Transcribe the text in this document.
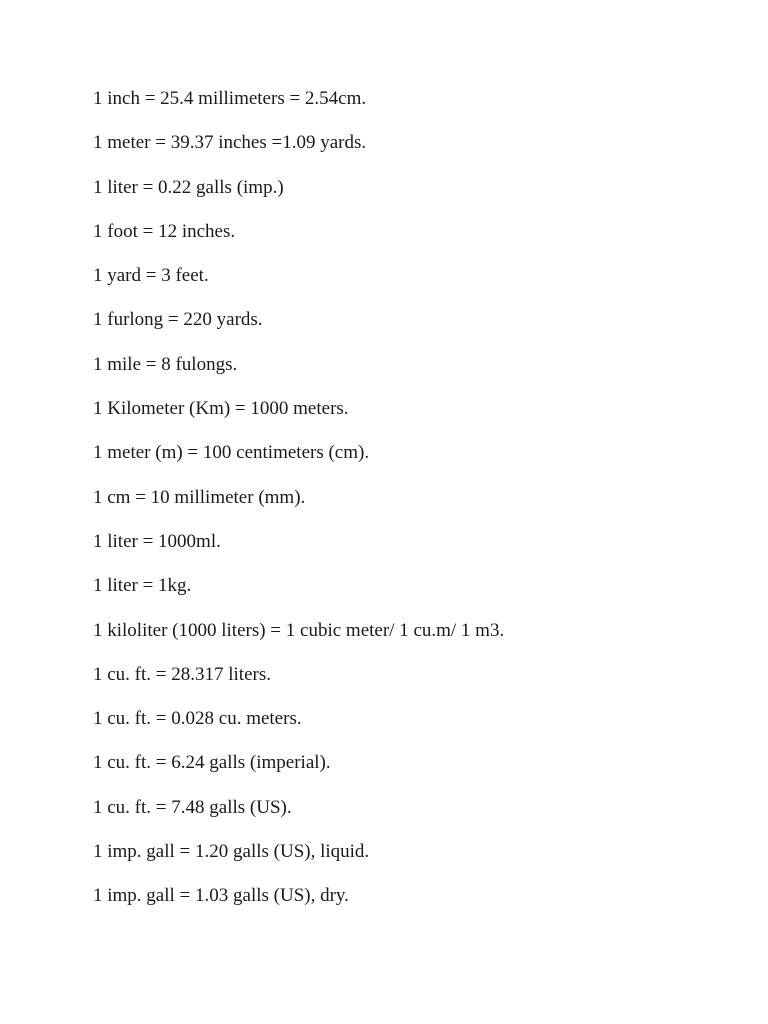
1 inch = 25.4 millimeters = 2.54cm.
1 meter = 39.37 inches =1.09 yards.
1 liter = 0.22 galls (imp.)
1 foot = 12 inches.
1 yard = 3 feet.
1 furlong = 220 yards.
1 mile = 8 fulongs.
1 Kilometer (Km) = 1000 meters.
1 meter (m) = 100 centimeters (cm).
1 cm = 10 millimeter (mm).
1 liter = 1000ml.
1 liter = 1kg.
1 kiloliter (1000 liters) = 1 cubic meter/ 1 cu.m/ 1 m3.
1 cu. ft. = 28.317 liters.
1 cu. ft. = 0.028 cu. meters.
1 cu. ft. = 6.24 galls (imperial).
1 cu. ft. = 7.48 galls (US).
1 imp. gall = 1.20 galls (US), liquid.
1 imp. gall = 1.03 galls (US), dry.
